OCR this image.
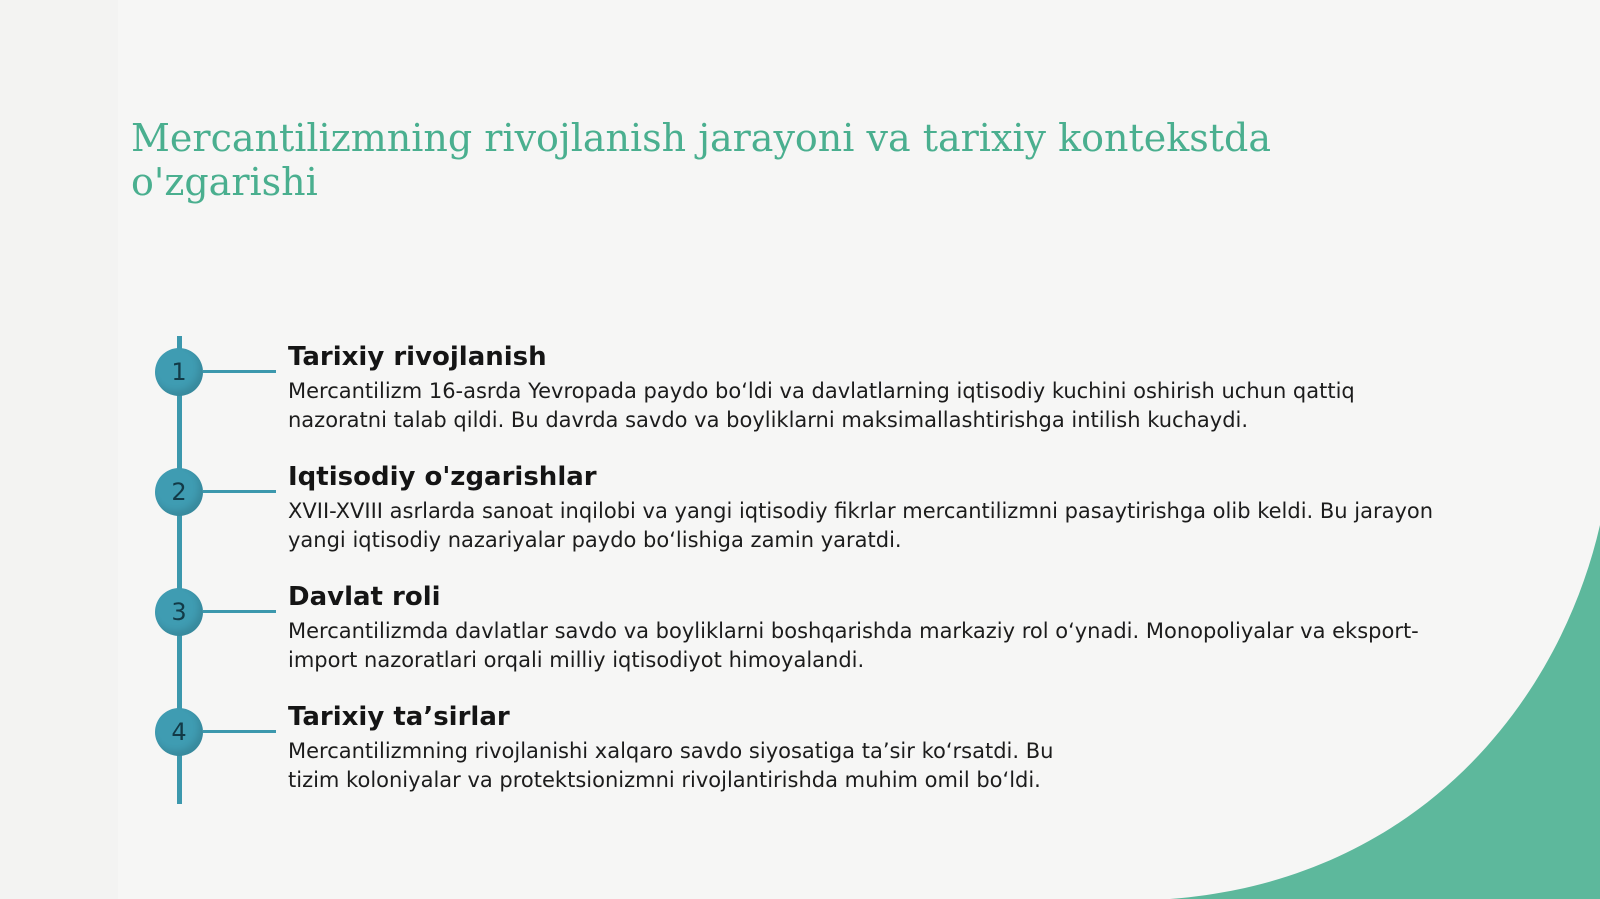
Mercantilizmning rivojlanish jarayoni va tarixiy kontekstda o'zgarishi
1	Tarixiy rivojlanish

Mercantilizm 16-asrda Yevropada paydo bo‘ldi va davlatlarning iqtisodiy kuchini oshirish uchun qattiq nazoratni talab qildi. Bu davrda savdo va boyliklarni maksimallashtirishga intilish kuchaydi.

2	Iqtisodiy o'zgarishlar

XVII-XVIII asrlarda sanoat inqilobi va yangi iqtisodiy fikrlar mercantilizmni pasaytirishga olib keldi. Bu jarayon yangi iqtisodiy nazariyalar paydo bo‘lishiga zamin yaratdi.

3	Davlat roli

Mercantilizmda davlatlar savdo va boyliklarni boshqarishda markaziy rol o‘ynadi. Monopoliyalar va eksport-import nazoratlari orqali milliy iqtisodiyot himoyalandi.

4	Tarixiy ta’sirlar

Mercantilizmning rivojlanishi xalqaro savdo siyosatiga ta’sir ko‘rsatdi. Bu tizim koloniyalar va protektsionizmni rivojlantirishda muhim omil bo‘ldi.
